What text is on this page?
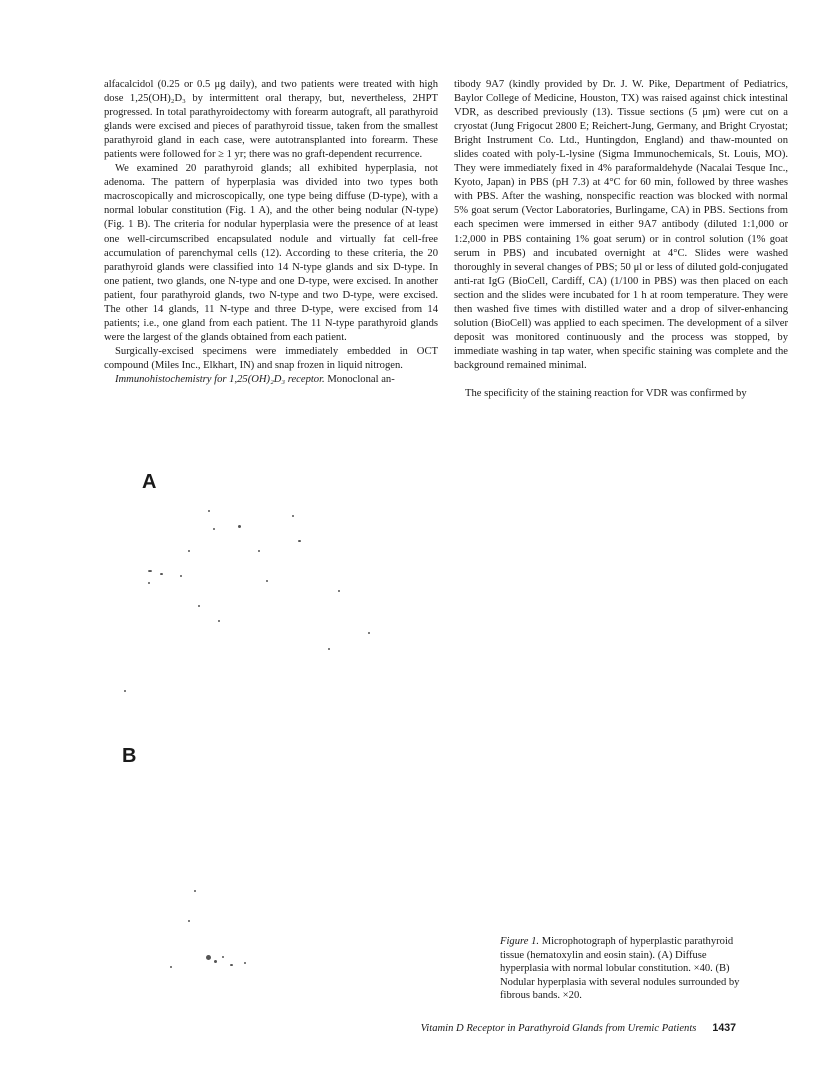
alfacalcidol (0.25 or 0.5 μg daily), and two patients were treated with high dose 1,25(OH)₂D₃ by intermittent oral therapy, but, nevertheless, 2HPT progressed. In total parathyroidectomy with forearm autograft, all parathyroid glands were excised and pieces of parathyroid tissue, taken from the smallest parathyroid gland in each case, were autotransplanted into forearm. These patients were followed for ≥ 1 yr; there was no graft-dependent recurrence.

We examined 20 parathyroid glands; all exhibited hyperplasia, not adenoma. The pattern of hyperplasia was divided into two types both macroscopically and microscopically, one type being diffuse (D-type), with a normal lobular constitution (Fig. 1 A), and the other being nodular (N-type)(Fig. 1 B). The criteria for nodular hyperplasia were the presence of at least one well-circumscribed encapsulated nodule and virtually fat cell-free accumulation of parenchymal cells (12). According to these criteria, the 20 parathyroid glands were classified into 14 N-type glands and six D-type. In one patient, two glands, one N-type and one D-type, were excised. In another patient, four parathyroid glands, two N-type and two D-type, were excised. The other 14 glands, 11 N-type and three D-type, were excised from 14 patients; i.e., one gland from each patient. The 11 N-type parathyroid glands were the largest of the glands obtained from each patient.

Surgically-excised specimens were immediately embedded in OCT compound (Miles Inc., Elkhart, IN) and snap frozen in liquid nitrogen.

Immunohistochemistry for 1,25(OH)₂D₃ receptor. Monoclonal an-

tibody 9A7 (kindly provided by Dr. J. W. Pike, Department of Pediatrics, Baylor College of Medicine, Houston, TX) was raised against chick intestinal VDR, as described previously (13). Tissue sections (5 μm) were cut on a cryostat (Jung Frigocut 2800 E; Reichert-Jung, Germany, and Bright Cryostat; Bright Instrument Co. Ltd., Huntingdon, England) and thaw-mounted on slides coated with poly-L-lysine (Sigma Immunochemicals, St. Louis, MO). They were immediately fixed in 4% paraformaldehyde (Nacalai Tesque Inc., Kyoto, Japan) in PBS (pH 7.3) at 4°C for 60 min, followed by three washes with PBS. After the washing, nonspecific reaction was blocked with normal 5% goat serum (Vector Laboratories, Burlingame, CA) in PBS. Sections from each specimen were immersed in either 9A7 antibody (diluted 1:1,000 or 1:2,000 in PBS containing 1% goat serum) or in control solution (1% goat serum in PBS) and incubated overnight at 4°C. Slides were washed thoroughly in several changes of PBS; 50 μl or less of diluted gold-conjugated anti-rat IgG (BioCell, Cardiff, CA) (1/100 in PBS) was then placed on each section and the slides were incubated for 1 h at room temperature. They were then washed five times with distilled water and a drop of silver-enhancing solution (BioCell) was applied to each specimen. The development of a silver deposit was monitored continuously and the process was stopped, by immediate washing in tap water, when specific staining was complete and the background remained minimal.

The specificity of the staining reaction for VDR was confirmed by

A
B
Figure 1. Microphotograph of hyperplastic parathyroid tissue (hematoxylin and eosin stain). (A) Diffuse hyperplasia with normal lobular constitution. ×40. (B) Nodular hyperplasia with several nodules surrounded by fibrous bands. ×20.
Vitamin D Receptor in Parathyroid Glands from Uremic Patients 1437
